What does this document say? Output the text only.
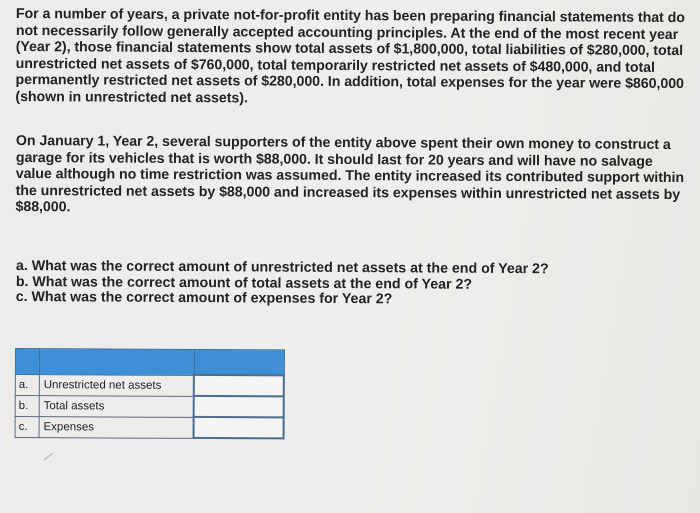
For a number of years, a private not-for-profit entity has been preparing financial statements that do not necessarily follow generally accepted accounting principles. At the end of the most recent year (Year 2), those financial statements show total assets of $1,800,000, total liabilities of $280,000, total unrestricted net assets of $760,000, total temporarily restricted net assets of $480,000, and total permanently restricted net assets of $280,000. In addition, total expenses for the year were $860,000 (shown in unrestricted net assets).

On January 1, Year 2, several supporters of the entity above spent their own money to construct a garage for its vehicles that is worth $88,000. It should last for 20 years and will have no salvage value although no time restriction was assumed. The entity increased its contributed support within the unrestricted net assets by $88,000 and increased its expenses within unrestricted net assets by $88,000.

a. What was the correct amount of unrestricted net assets at the end of Year 2?
b. What was the correct amount of total assets at the end of Year 2?
c. What was the correct amount of expenses for Year 2?

a.	Unrestricted net assets	
b.	Total assets	
c.	Expenses	
